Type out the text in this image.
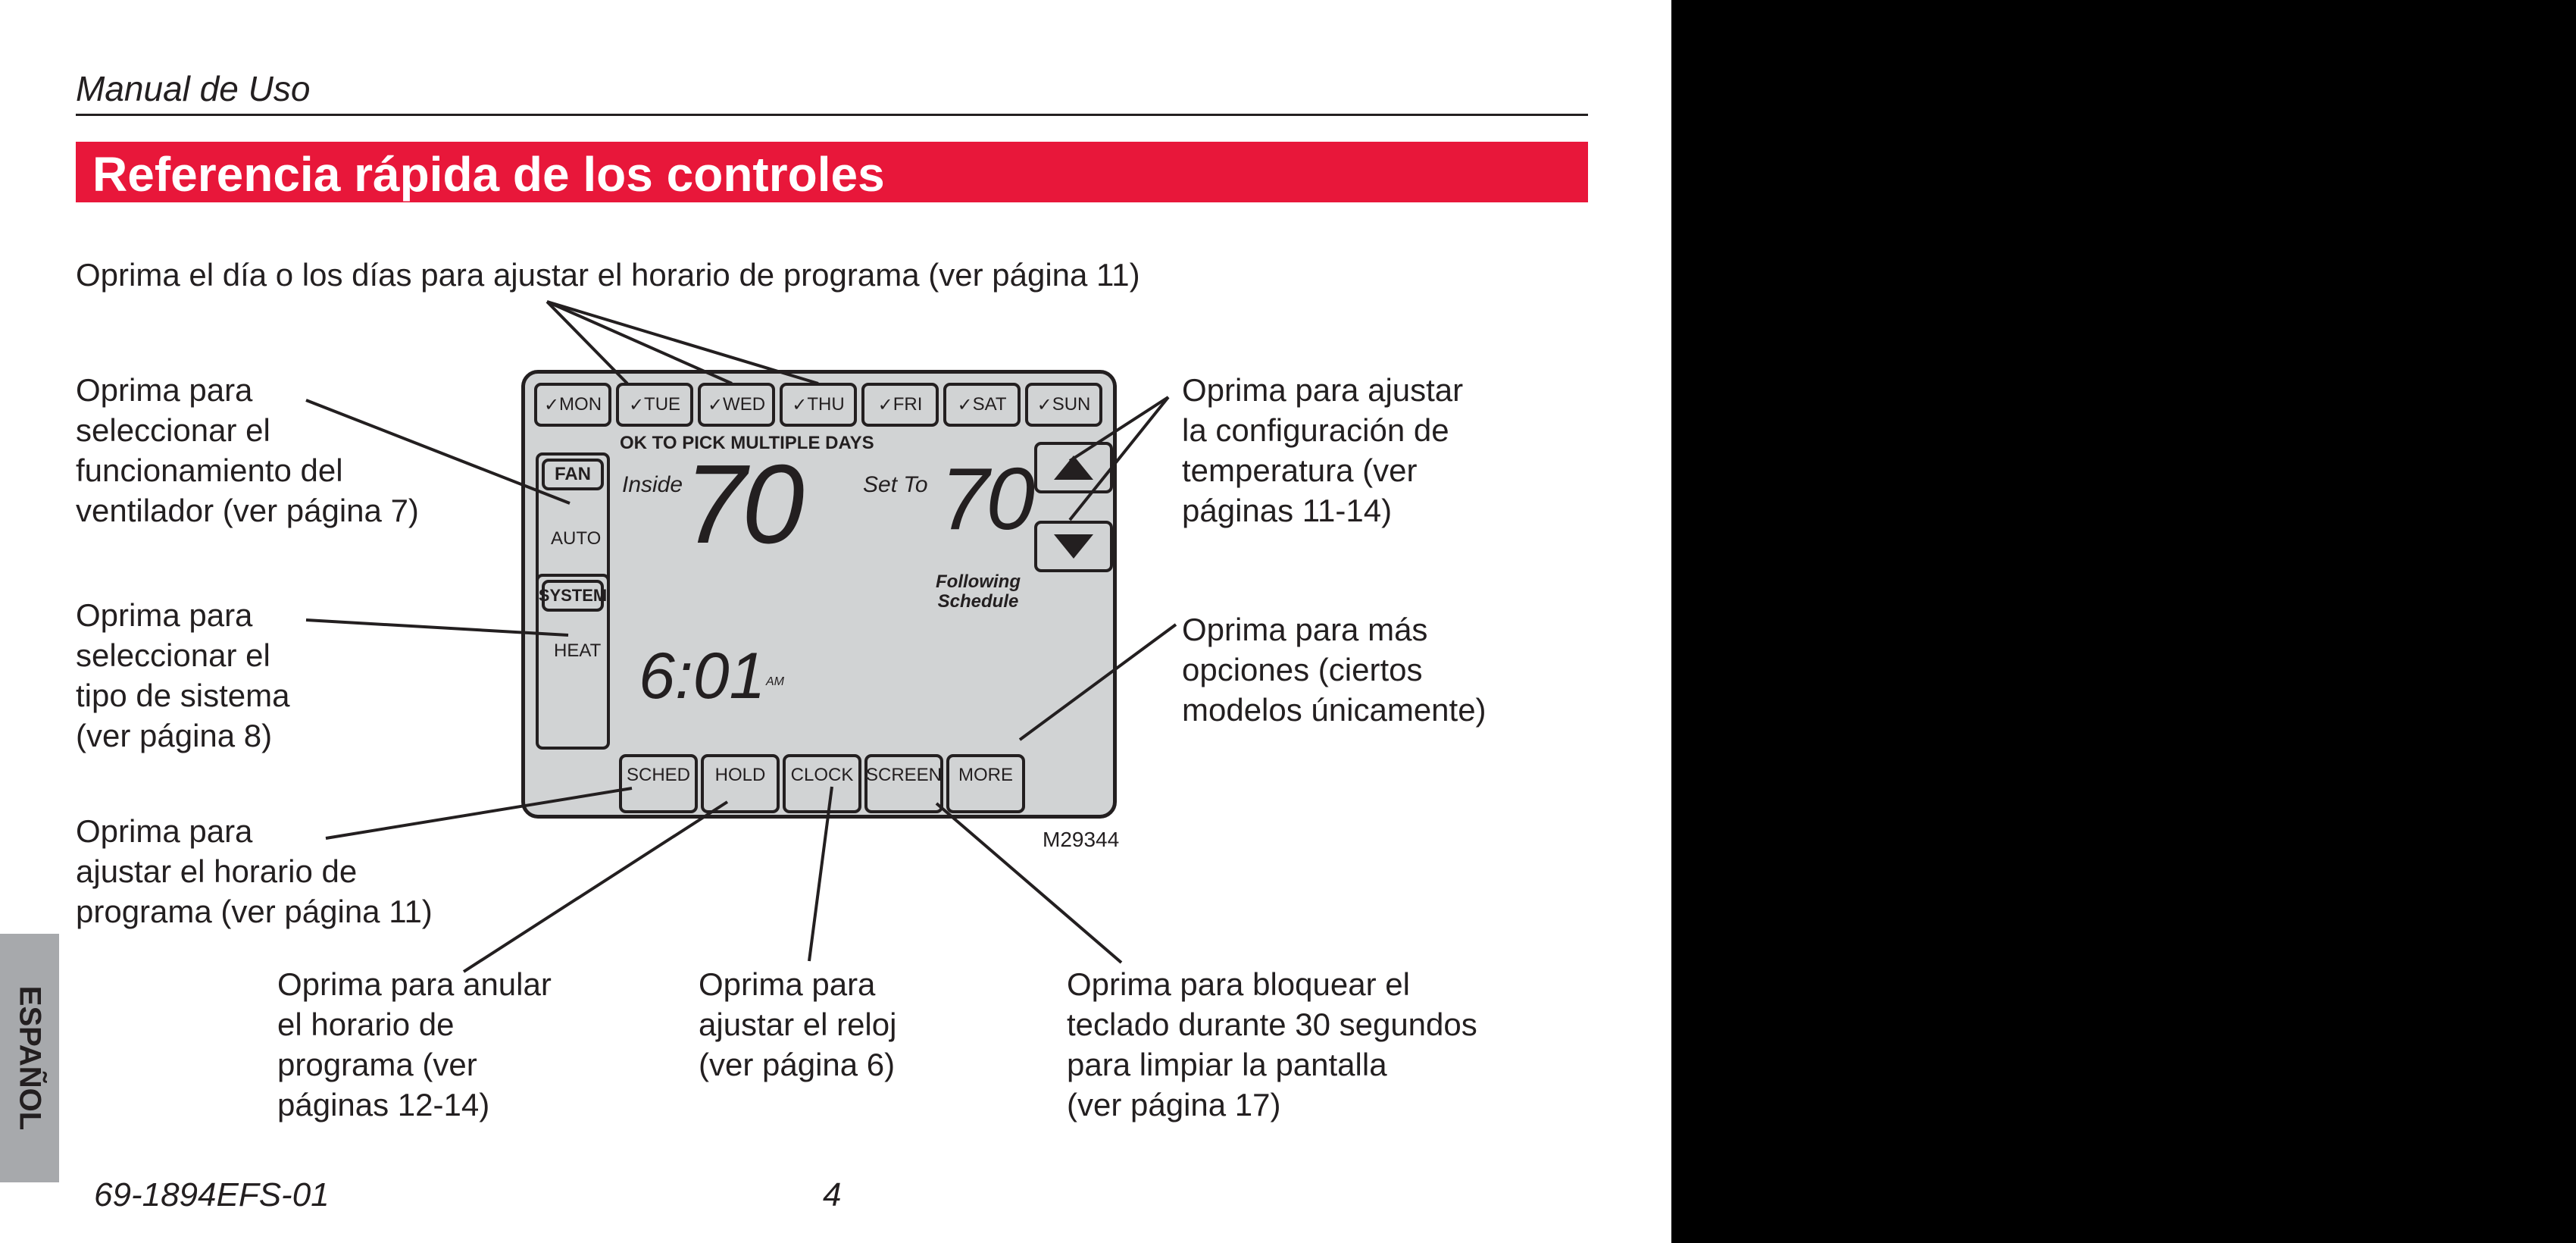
Manual de Uso
Referencia rápida de los controles
Oprima el día o los días para ajustar el horario de programa (ver página 11)
Oprima para
seleccionar el
funcionamiento del
ventilador (ver página 7)
Oprima para
seleccionar el
tipo de sistema
(ver página 8)
Oprima para
ajustar el horario de
programa (ver página 11)
Oprima para anular
el horario de
programa (ver
páginas 12-14)
Oprima para
ajustar el reloj
(ver página 6)
Oprima para bloquear el
teclado durante 30 segundos
para limpiar la pantalla
(ver página 17)
Oprima para ajustar
la configuración de
temperatura (ver
páginas 11-14)
Oprima para más
opciones (ciertos
modelos únicamente)
✓ MON ✓ TUE ✓ WED ✓ THU ✓ FRI ✓ SAT ✓ SUN
OK TO PICK MULTIPLE DAYS
FAN
AUTO
SYSTEM
HEAT
Inside 70	Set To 70
Following
Schedule
6:01 AM
SCHED	HOLD	CLOCK SCREEN MORE
M29344
ESPAÑOL
69-1894EFS-01	4
